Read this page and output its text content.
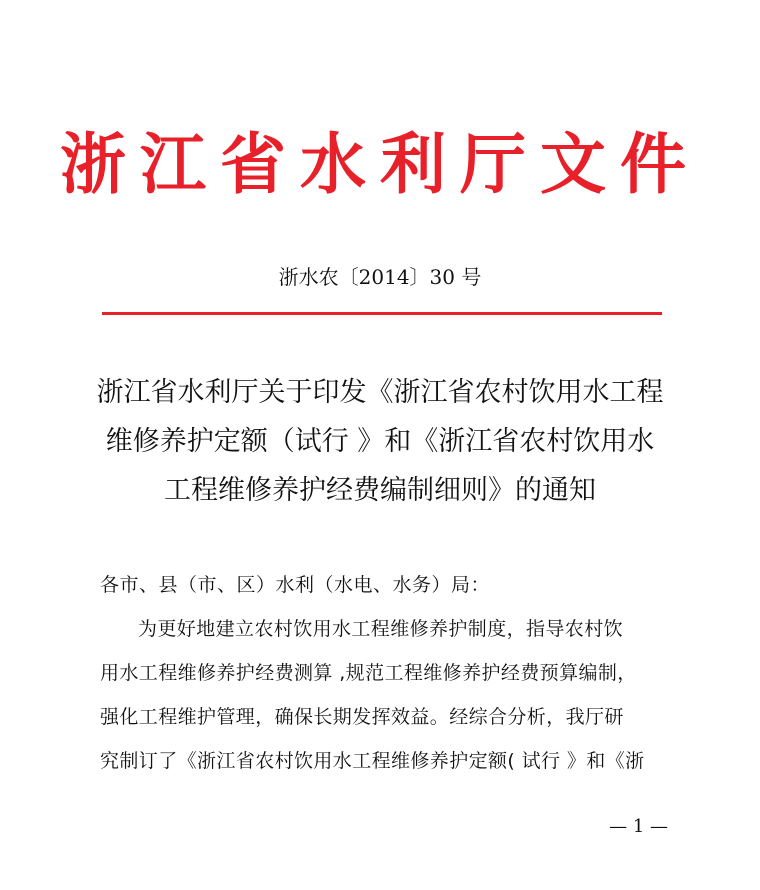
浙江省水利厅文件
浙水农〔2014〕30 号
浙江省水利厅关于印发《浙江省农村饮用水工程
维修养护定额（试行 》和《浙江省农村饮用水
工程维修养护经费编制细则》的通知
各市、县（市、区）水利（水电、水务）局：
为更好地建立农村饮用水工程维修养护制度，指导农村饮
用水工程维修养护经费测算 ,规范工程维修养护经费预算编制，
强化工程维护管理，确保长期发挥效益。经综合分析，我厅研
究制订了《浙江省农村饮用水工程维修养护定额( 试行 》和《浙
— 1 —
